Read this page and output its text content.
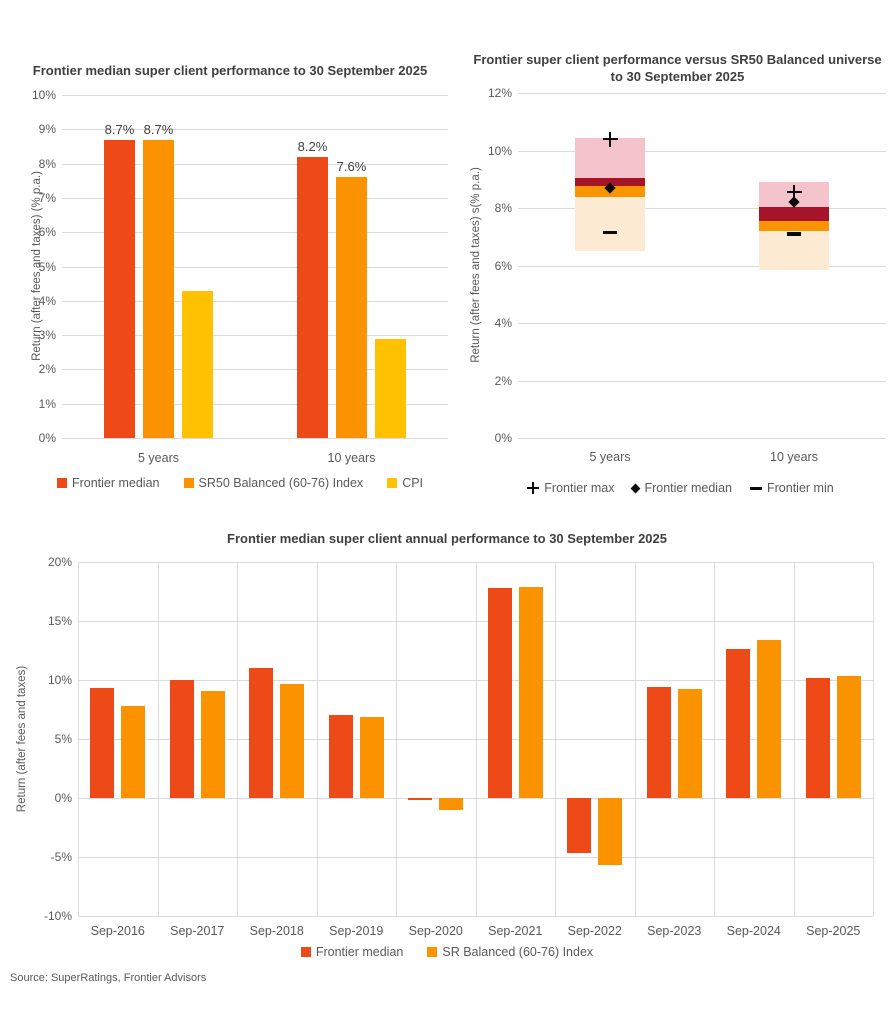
Frontier median super client performance to 30 September 2025
Return (after fees and taxes) (% p.a.)
0%
1%
2%
3%
4%
5%
6%
7%
8%
9%
10%
5 years
8.7% 8.7%
10 years
8.2%
7.6%
Frontier median	SR50 Balanced (60-76) Index	CPI
Frontier super client performance versus SR50 Balanced universe to 30 September 2025
Return (after fees and taxes) s(% p.a.)
0%
2%
4%
6%
8%
10%
12%
5 years	10 years
Frontier max Frontier median	Frontier min
Frontier median super client annual performance to 30 September 2025
Return (after fees and taxes)
-10%
-5%
0%
5%
10%
15%
20%
Sep-2016	Sep-2017	Sep-2018	Sep-2019	Sep-2020	Sep-2021	Sep-2022	Sep-2023	Sep-2024	Sep-2025
Frontier median	SR Balanced (60-76) Index
Source: SuperRatings, Frontier Advisors
